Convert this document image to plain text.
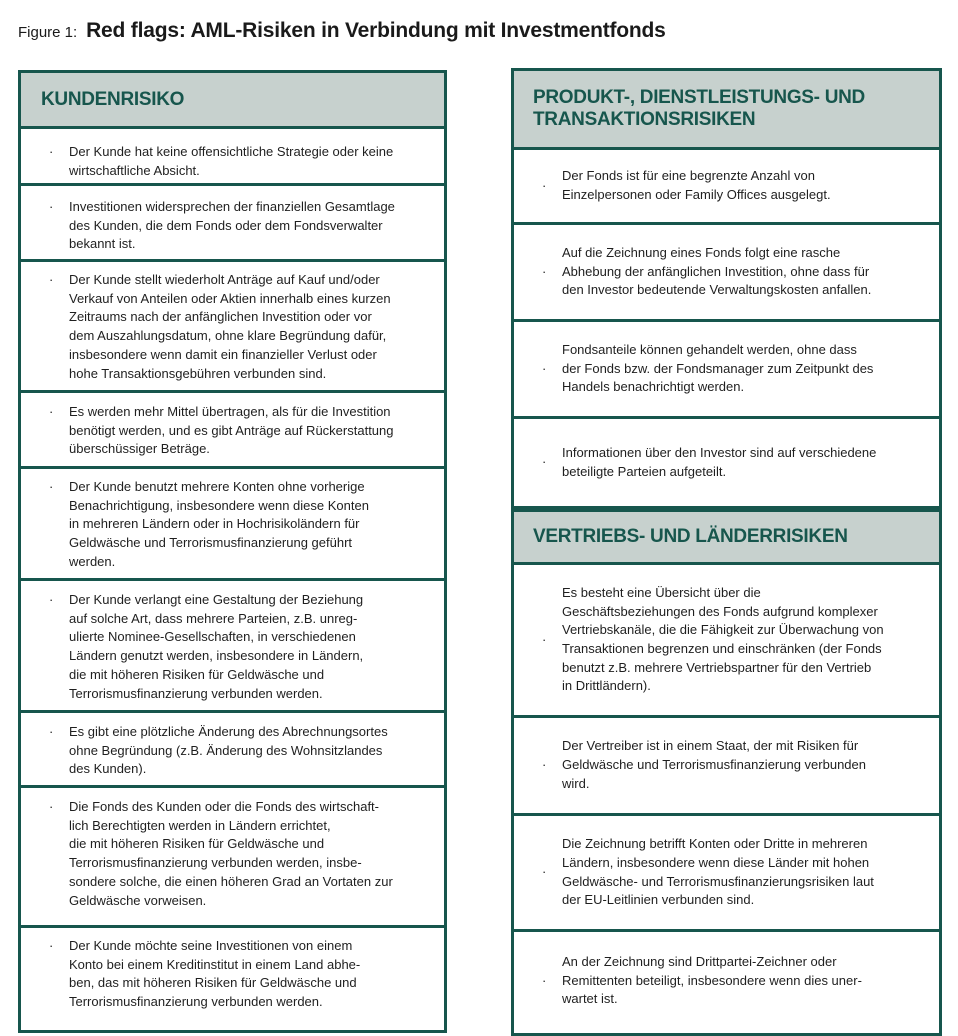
Figure 1: Red flags: AML-Risiken in Verbindung mit Investmentfonds
KUNDENRISIKO
·	Der Kunde hat keine offensichtliche Strategie oder keine
wirtschaftliche Absicht.
·	Investitionen widersprechen der finanziellen Gesamtlage
des Kunden, die dem Fonds oder dem Fondsverwalter
bekannt ist.
·	Der Kunde stellt wiederholt Anträge auf Kauf und/oder
Verkauf von Anteilen oder Aktien innerhalb eines kurzen
Zeitraums nach der anfänglichen Investition oder vor
dem Auszahlungsdatum, ohne klare Begründung dafür,
insbesondere wenn damit ein finanzieller Verlust oder
hohe Transaktionsgebühren verbunden sind.
·	Es werden mehr Mittel übertragen, als für die Investition
benötigt werden, und es gibt Anträge auf Rückerstattung
überschüssiger Beträge.
·	Der Kunde benutzt mehrere Konten ohne vorherige
Benachrichtigung, insbesondere wenn diese Konten
in mehreren Ländern oder in Hochrisikoländern für
Geldwäsche und Terrorismusfinanzierung geführt
werden.
·	Der Kunde verlangt eine Gestaltung der Beziehung
auf solche Art, dass mehrere Parteien, z.B. unreg-
ulierte Nominee-Gesellschaften, in verschiedenen
Ländern genutzt werden, insbesondere in Ländern,
die mit höheren Risiken für Geldwäsche und
Terrorismusfinanzierung verbunden werden.
·	Es gibt eine plötzliche Änderung des Abrechnungsortes
ohne Begründung (z.B. Änderung des Wohnsitzlandes
des Kunden).
·	Die Fonds des Kunden oder die Fonds des wirtschaft-
lich Berechtigten werden in Ländern errichtet,
die mit höheren Risiken für Geldwäsche und
Terrorismusfinanzierung verbunden werden, insbe-
sondere solche, die einen höheren Grad an Vortaten zur
Geldwäsche vorweisen.
·	Der Kunde möchte seine Investitionen von einem
Konto bei einem Kreditinstitut in einem Land abhe-
ben, das mit höheren Risiken für Geldwäsche und
Terrorismusfinanzierung verbunden werden.
PRODUKT-, DIENSTLEISTUNGS- UND
TRANSAKTIONSRISIKEN
·
Der Fonds ist für eine begrenzte Anzahl von
Einzelpersonen oder Family Offices ausgelegt.
·
Auf die Zeichnung eines Fonds folgt eine rasche
Abhebung der anfänglichen Investition, ohne dass für
den Investor bedeutende Verwaltungskosten anfallen.
·
Fondsanteile können gehandelt werden, ohne dass
der Fonds bzw. der Fondsmanager zum Zeitpunkt des
Handels benachrichtigt werden.
·
Informationen über den Investor sind auf verschiedene
beteiligte Parteien aufgeteilt.
VERTRIEBS- UND LÄNDERRISIKEN
·
Es besteht eine Übersicht über die
Geschäftsbeziehungen des Fonds aufgrund komplexer
Vertriebskanäle, die die Fähigkeit zur Überwachung von
Transaktionen begrenzen und einschränken (der Fonds
benutzt z.B. mehrere Vertriebspartner für den Vertrieb
in Drittländern).
·
Der Vertreiber ist in einem Staat, der mit Risiken für
Geldwäsche und Terrorismusfinanzierung verbunden
wird.
·
Die Zeichnung betrifft Konten oder Dritte in mehreren
Ländern, insbesondere wenn diese Länder mit hohen
Geldwäsche- und Terrorismusfinanzierungsrisiken laut
der EU-Leitlinien verbunden sind.
·
An der Zeichnung sind Drittpartei-Zeichner oder
Remittenten beteiligt, insbesondere wenn dies uner-
wartet ist.
